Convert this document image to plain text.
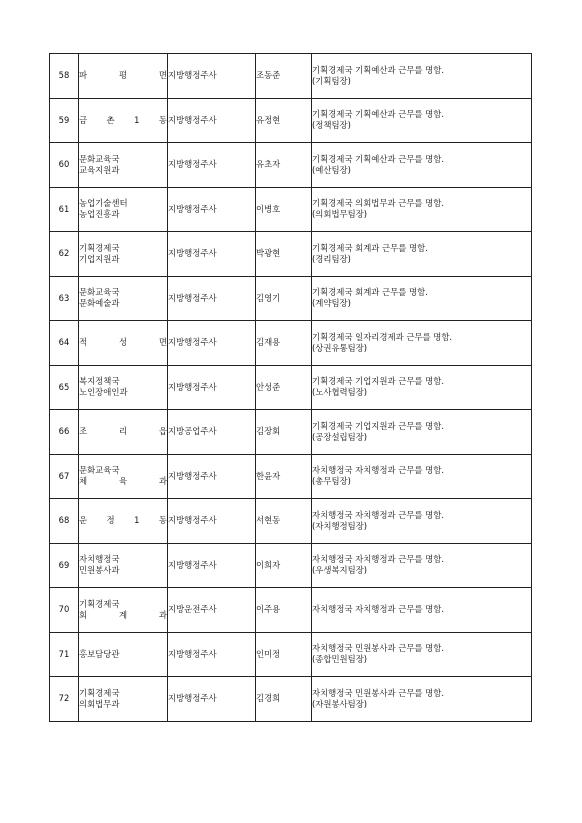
58	파 평 면	지방행정주사	조동준	기획경제국 기획예산과 근무를 명함.
(기획팀장)

59	금 촌 1 동	지방행정주사	유정현	기획경제국 기획예산과 근무를 명함.
(정책팀장)

60	문화교육국
교육지원과	지방행정주사	유초자	기획경제국 기획예산과 근무를 명함.
(예산팀장)

61	농업기술센터
농업진흥과	지방행정주사	이병호	기획경제국 의회법무과 근무를 명함.
(의회법무팀장)

62	기획경제국
기업지원과	지방행정주사	박광현	기획경제국 회계과 근무를 명함.
(경리팀장)

63	문화교육국
문화예술과	지방행정주사	김영기	기획경제국 회계과 근무를 명함.
(계약팀장)

64	적 성 면	지방행정주사	김재용	기획경제국 일자리경제과 근무를 명함.
(상권유통팀장)

65	복지정책국
노인장애인과	지방행정주사	안성준	기획경제국 기업지원과 근무를 명함.
(노사협력팀장)

66	조 리 읍	지방공업주사	김장회	기획경제국 기업지원과 근무를 명함.
(공장설립팀장)

67	문화교육국
체 육 과	지방행정주사	한윤자	자치행정국 자치행정과 근무를 명함.
(총무팀장)

68	운 정 1 동	지방행정주사	서현동	자치행정국 자치행정과 근무를 명함.
(자치행정팀장)

69	자치행정국
민원봉사과	지방행정주사	이희자	자치행정국 자치행정과 근무를 명함.
(우생복지팀장)

70	기획경제국
회 계 과	지방운전주사	이주용	자치행정국 자치행정과 근무를 명함.

71	홍보담당관	지방행정주사	인미정	자치행정국 민원봉사과 근무를 명함.
(종합민원팀장)

72	기획경제국
의회법무과	지방행정주사	김경희	자치행정국 민원봉사과 근무를 명함.
(자원봉사팀장)
